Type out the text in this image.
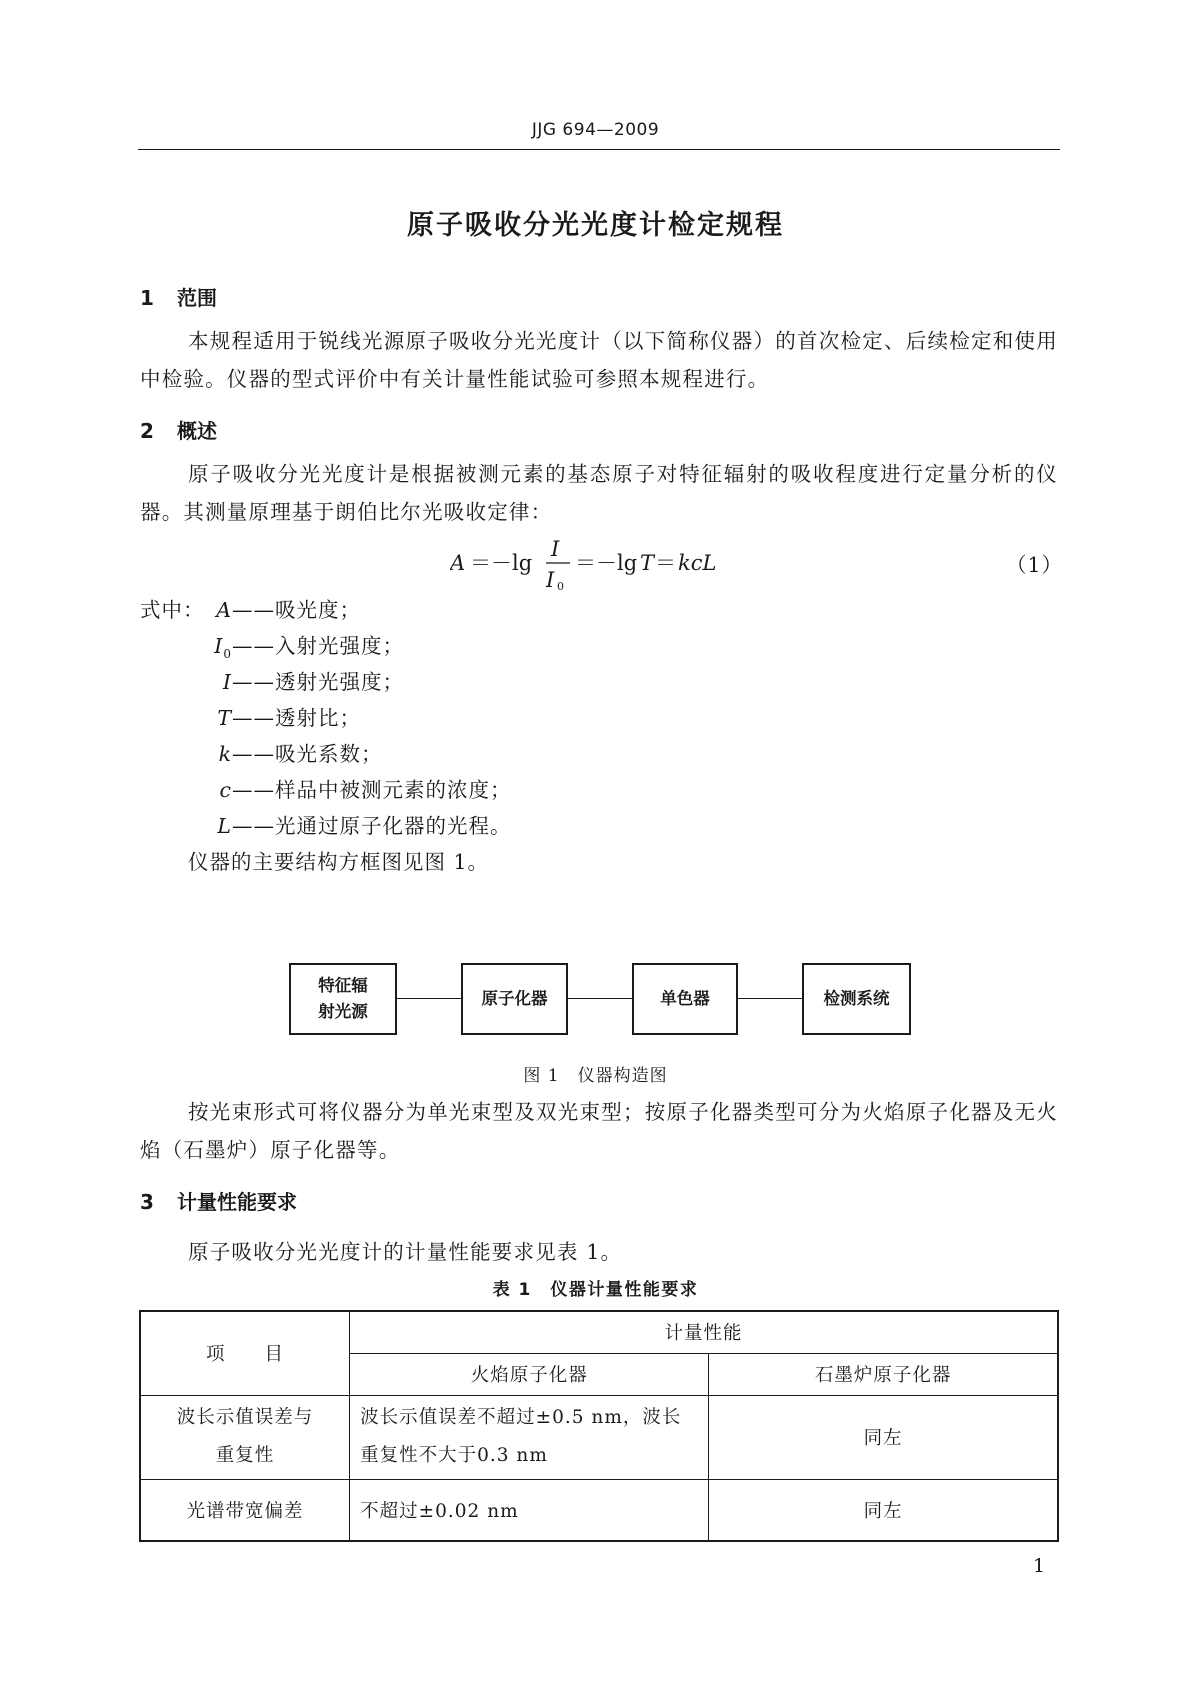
JJG 694—2009
原子吸收分光光度计检定规程
1 范围
本规程适用于锐线光源原子吸收分光光度计（以下简称仪器）的首次检定、后续检定和使用中检验。仪器的型式评价中有关计量性能试验可参照本规程进行。
2 概述
原子吸收分光光度计是根据被测元素的基态原子对特征辐射的吸收程度进行定量分析的仪器。其测量原理基于朗伯比尔光吸收定律：
A ＝－lg
I
I 0
＝－lg T ＝ kcL	（1）
式中： A——吸光度；
$I_0——$入射光强度；
I——透射光强度；
T——透射比；
k——吸光系数；
c——样品中被测元素的浓度；
L——光通过原子化器的光程。
仪器的主要结构方框图见图 1。
特征辐
射光源
原子化器	单色器	检测系统
图 1　仪器构造图
按光束形式可将仪器分为单光束型及双光束型；按原子化器类型可分为火焰原子化器及无火焰（石墨炉）原子化器等。
3 计量性能要求
原子吸收分光光度计的计量性能要求见表 1。
表 1　仪器计量性能要求
项　　目	计量性能	
	火焰原子化器	石墨炉原子化器
波长示值误差与
重复性	波长示值误差不超过±0.5 nm，波长重复性不大于0.3 nm	同左
光谱带宽偏差	不超过±0.02 nm	同左
1
